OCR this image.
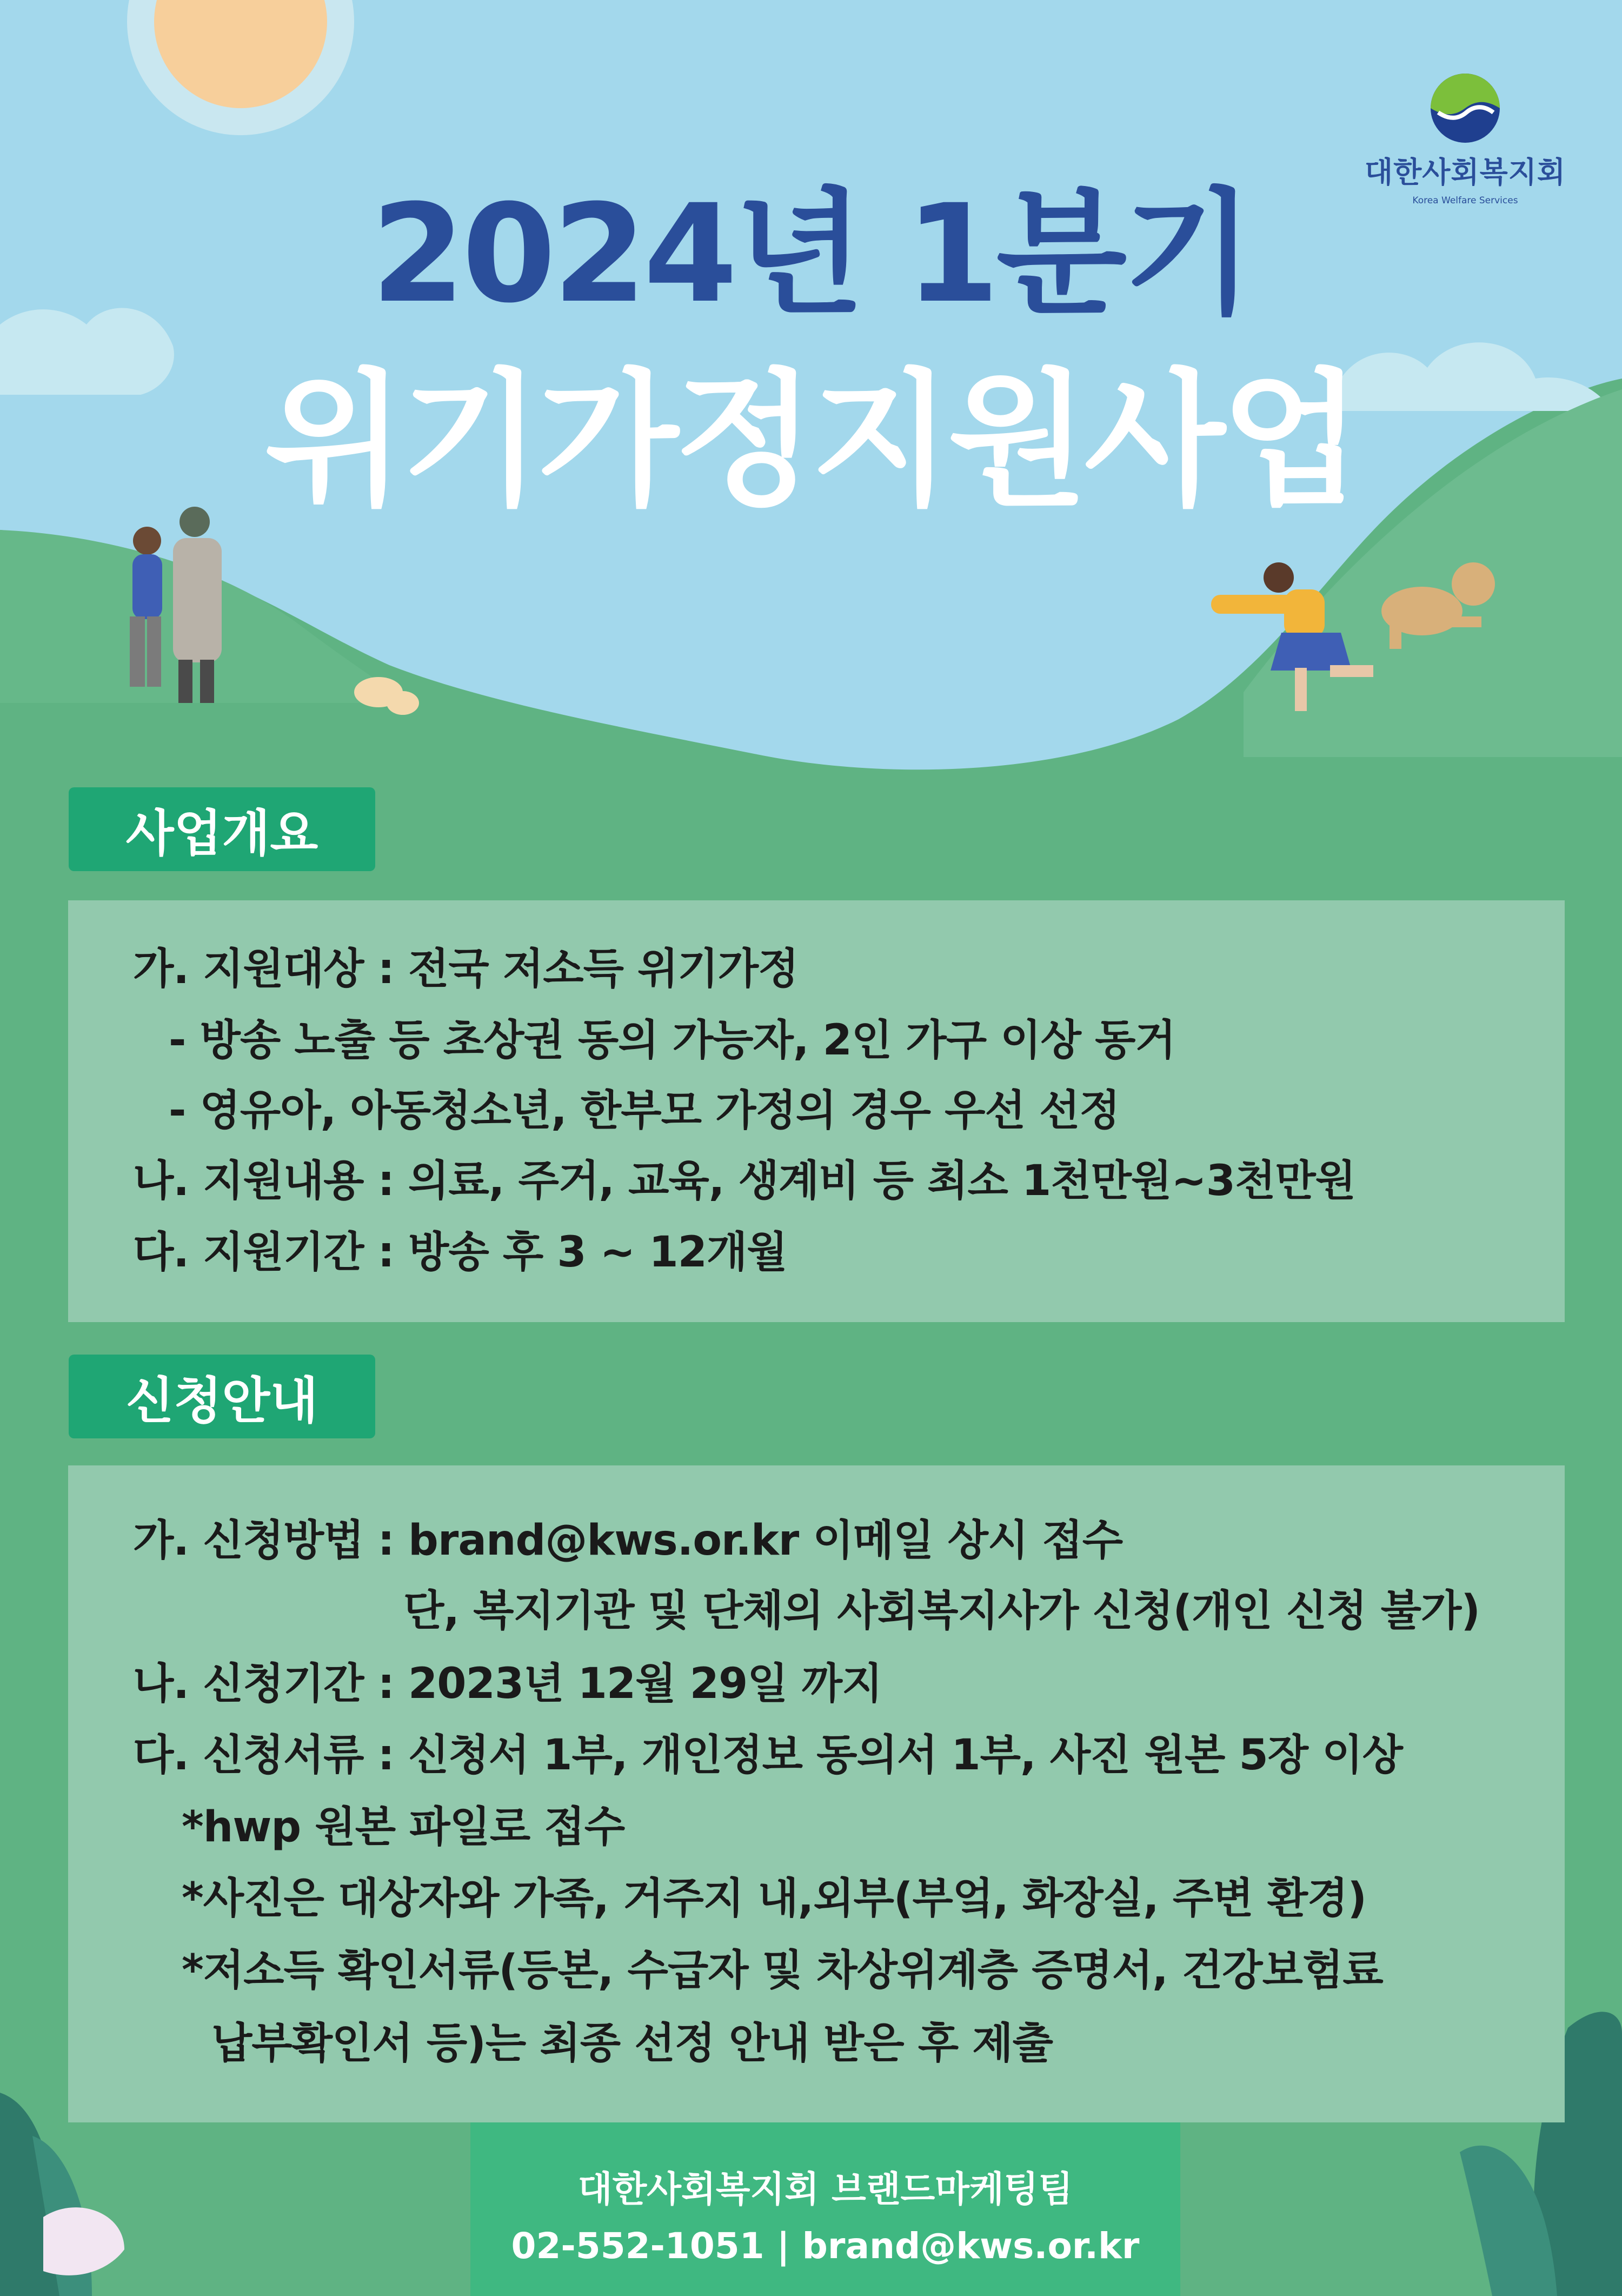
대한사회복지회
Korea Welfare Services
2024년 1분기
위기가정지원사업
사업개요
가. 지원대상 : 전국 저소득 위기가정
- 방송 노출 등 초상권 동의 가능자, 2인 가구 이상 동거
- 영유아, 아동청소년, 한부모 가정의 경우 우선 선정
나. 지원내용 : 의료, 주거, 교육, 생계비 등 최소 1천만원~3천만원
다. 지원기간 : 방송 후 3 ~ 12개월
신청안내
가. 신청방법 : brand@kws.or.kr 이메일 상시 접수
단, 복지기관 및 단체의 사회복지사가 신청(개인 신청 불가)
나. 신청기간 : 2023년 12월 29일 까지
다. 신청서류 : 신청서 1부, 개인정보 동의서 1부, 사진 원본 5장 이상
*hwp 원본 파일로 접수
*사진은 대상자와 가족, 거주지 내,외부(부엌, 화장실, 주변 환경)
*저소득 확인서류(등본, 수급자 및 차상위계층 증명서, 건강보험료
납부확인서 등)는 최종 선정 안내 받은 후 제출
대한사회복지회 브랜드마케팅팀
02-552-1051 | brand@kws.or.kr
